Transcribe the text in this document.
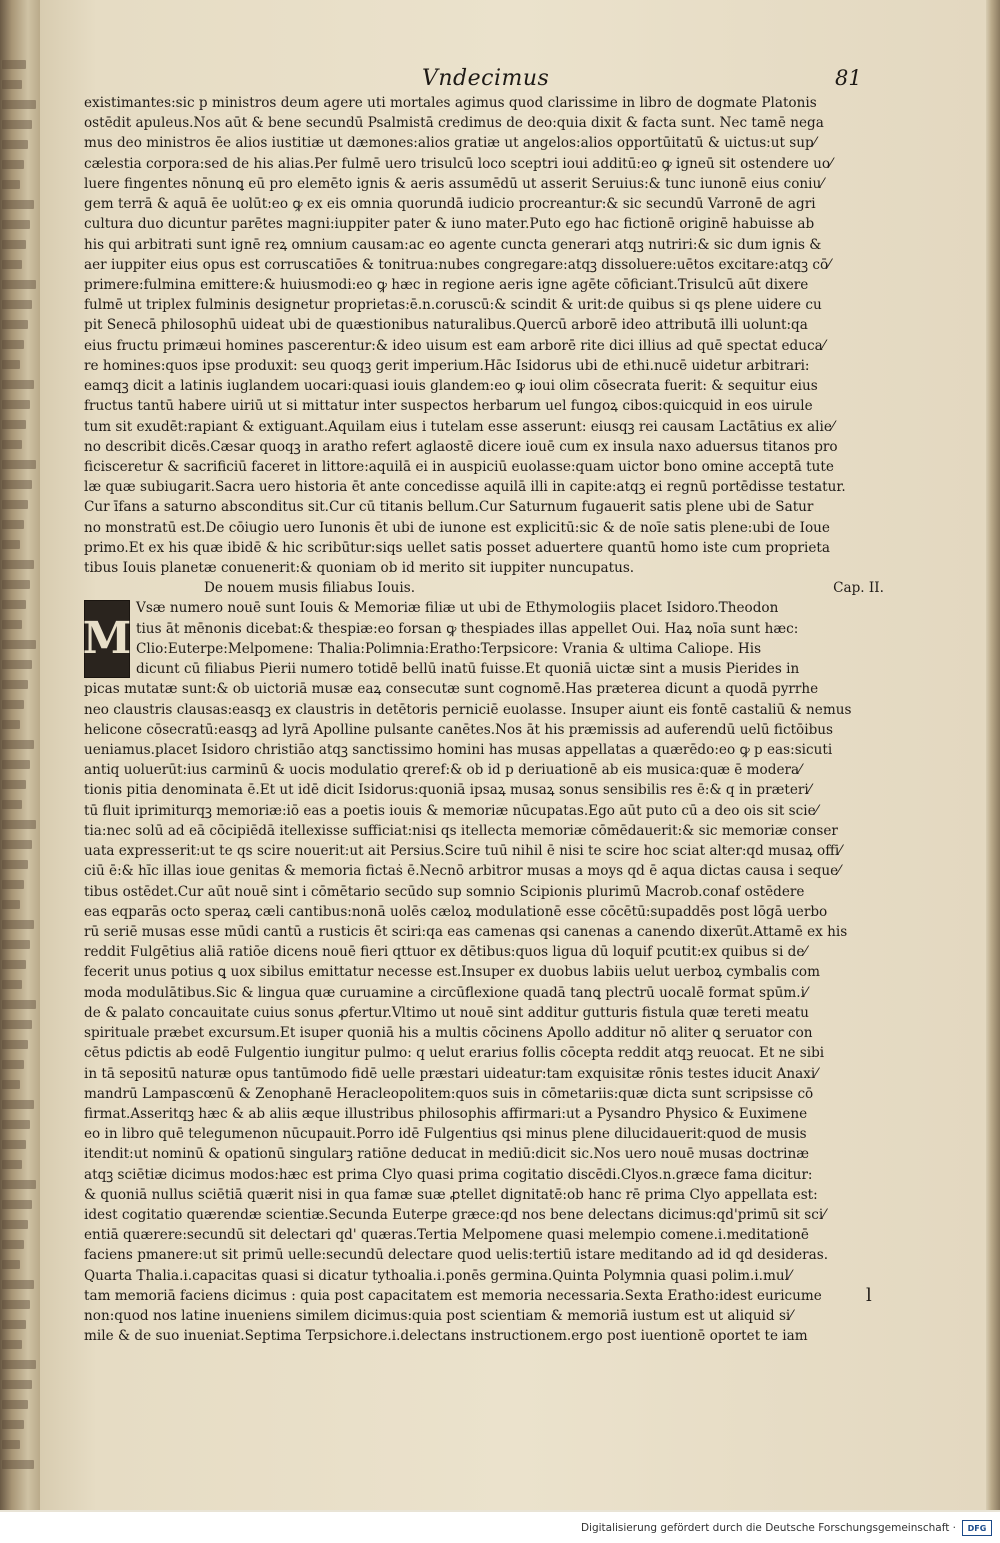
Vndecimus	81
existimantes:sic p ministros deum agere uti mortales agimus quod clarissime in libro de dogmate Platonis
ostēdit apuleus.Nos aūt & bene secundū Psalmistā credimus de deo:quia dixit & facta sunt. Nec tamē nega
mus deo ministros ēe alios iustitiæ ut dæmones:alios gratiæ ut angelos:alios opportūitatū & uictus:ut sup⁄
cælestia corpora:sed de his alias.Per fulmē uero trisulcū loco sceptri ioui additū:eo ꝙ igneū sit ostendere uo⁄
luere fingentes nōnunꝗ eū pro elemēto ignis & aeris assumēdū ut asserit Seruius:& tunc iunonē eius coniu⁄
gem terrā & aquā ēe uolūt:eo ꝙ ex eis omnia quorundā iudicio procreantur:& sic secundū Varronē de agri
cultura duo dicuntur parētes magni:iuppiter pater & iuno mater.Puto ego hac fictionē originē habuisse ab
his qui arbitrati sunt ignē reꝝ omnium causam:ac eo agente cuncta generari atqꝫ nutriri:& sic dum ignis &
aer iuppiter eius opus est corruscatiōes & tonitrua:nubes congregare:atqꝫ dissoluere:uētos excitare:atqꝫ cō⁄
primere:fulmina emittere:& huiusmodi:eo ꝙ hæc in regione aeris igne agēte cōficiant.Trisulcū aūt dixere
fulmē ut triplex fulminis designetur proprietas:ē.n.coruscū:& scindit & urit:de quibus si qs plene uidere cu
pit Senecā philosophū uideat ubi de quæstionibus naturalibus.Quercū arborē ideo attributā illi uolunt:qa
eius fructu primæui homines pascerentur:& ideo uisum est eam arborē rite dici illius ad quē spectat educa⁄
re homines:quos ipse produxit: seu quoqꝫ gerit imperium.Hāc Isidorus ubi de ethi.nucē uidetur arbitrari:
eamqꝫ dicit a latinis iuglandem uocari:quasi iouis glandem:eo ꝙ ioui olim cōsecrata fuerit: & sequitur eius
fructus tantū habere uiriū ut si mittatur inter suspectos herbarum uel fungoꝝ cibos:quicquid in eos uirule
tum sit exudēt:rapiant & extiguant.Aquilam eius i tutelam esse asserunt: eiusqꝫ rei causam Lactātius ex alie⁄
no describit dicēs.Cæsar quoqꝫ in aratho refert aglaostē dicere iouē cum ex insula naxo aduersus titanos pro
ficisceretur & sacrificiū faceret in littore:aquilā ei in auspiciū euolasse:quam uictor bono omine acceptā tute
læ quæ subiugarit.Sacra uero historia ēt ante concedisse aquilā illi in capite:atqꝫ ei regnū portēdisse testatur.
Cur īfans a saturno absconditus sit.Cur cū titanis bellum.Cur Saturnum fugauerit satis plene ubi de Satur
no monstratū est.De cōiugio uero Iunonis ēt ubi de iunone est explicitū:sic & de noīe satis plene:ubi de Ioue
primo.Et ex his quæ ibidē & hic scribūtur:siqs uellet satis posset aduertere quantū homo iste cum proprieta
tibus Iouis planetæ conuenerit:& quoniam ob id merito sit iuppiter nuncupatus.
De nouem musis filiabus Iouis.	Cap. II.
M
Vsæ numero nouē sunt Iouis & Memoriæ filiæ ut ubi de Ethymologiis placet Isidoro.Theodon
tius āt mēnonis dicebat:& thespiæ:eo forsan ꝙ thespiades illas appellet Oui. Haꝝ noīa sunt hæc:
Clio:Euterpe:Melpomene: Thalia:Polimnia:Eratho:Terpsicore: Vrania & ultima Caliope. His
dicunt cū filiabus Pierii numero totidē bellū inatū fuisse.Et quoniā uictæ sint a musis Pierides in
picas mutatæ sunt:& ob uictoriā musæ eaꝝ consecutæ sunt cognomē.Has præterea dicunt a quodā pyrrhe
neo claustris clausas:easqꝫ ex claustris in detētoris perniciē euolasse. Insuper aiunt eis fontē castaliū & nemus
helicone cōsecratū:easqꝫ ad lyrā Apolline pulsante canētes.Nos āt his præmissis ad auferendū uelū fictōibus
ueniamus.placet Isidoro christiāo atqꝫ sanctissimo homini has musas appellatas a quærēdo:eo ꝙ p eas:sicuti
antiq uoluerūt:ius carminū & uocis modulatio qreref:& ob id p deriuationē ab eis musica:quæ ē modera⁄
tionis pitia denominata ē.Et ut idē dicit Isidorus:quoniā ipsaꝝ musaꝝ sonus sensibilis res ē:& q in præteri⁄
tū fluit iprimiturqꝫ memoriæ:iō eas a poetis iouis & memoriæ nūcupatas.Ego aūt puto cū a deo ois sit scie⁄
tia:nec solū ad eā cōcipiēdā itellexisse sufficiat:nisi qs itellecta memoriæ cōmēdauerit:& sic memoriæ conser
uata expresserit:ut te qs scire nouerit:ut ait Persius.Scire tuū nihil ē nisi te scire hoc sciat alter:qd musaꝝ offi⁄
ciū ē:& hīc illas ioue genitas & memoria fictaṡ ē.Necnō arbitror musas a moys qd ē aqua dictas causa i seque⁄
tibus ostēdet.Cur aūt nouē sint i cōmētario secūdo sup somnio Scipionis plurimū Macrob.conaf ostēdere
eas eqparās octo speraꝝ cæli cantibus:nonā uolēs cæloꝝ modulationē esse cōcētū:supaddēs post lōgā uerbo
rū seriē musas esse mūdi cantū a rusticis ēt sciri:qa eas camenas qsi canenas a canendo dixerūt.Attamē ex his
reddit Fulgētius aliā ratiōe dicens nouē fieri qttuor ex dētibus:quos ligua dū loquif pcutit:ex quibus si de⁄
fecerit unus potius ꝗ uox sibilus emittatur necesse est.Insuper ex duobus labiis uelut uerboꝝ cymbalis com
moda modulātibus.Sic & lingua quæ curuamine a circūflexione quadā tanꝗ plectrū uocalē format spūm.i⁄
de & palato concauitate cuius sonus ꝓfertur.Vltimo ut nouē sint additur gutturis fistula quæ tereti meatu
spirituale præbet excursum.Et isuper quoniā his a multis cōcinens Apollo additur nō aliter ꝗ seruator con
cētus pdictis ab eodē Fulgentio iungitur pulmo: q uelut erarius follis cōcepta reddit atqꝫ reuocat. Et ne sibi
in tā sepositū naturæ opus tantūmodo fidē uelle præstari uideatur:tam exquisitæ rōnis testes iducit Anaxi⁄
mandrū Lampascœnū & Zenophanē Heracleopolitem:quos suis in cōmetariis:quæ dicta sunt scripsisse cō
firmat.Asseritqꝫ hæc & ab aliis æque illustribus philosophis affirmari:ut a Pysandro Physico & Euximene
eo in libro quē telegumenon nūcupauit.Porro idē Fulgentius qsi minus plene dilucidauerit:quod de musis
itendit:ut nominū & opationū singularꝫ ratiōne deducat in mediū:dicit sic.Nos uero nouē musas doctrinæ
atqꝫ sciētiæ dicimus modos:hæc est prima Clyo quasi prima cogitatio discēdi.Clyos.n.græce fama dicitur:
& quoniā nullus sciētiā quærit nisi in qua famæ suæ ꝓtellet dignitatē:ob hanc rē prima Clyo appellata est:
idest cogitatio quærendæ scientiæ.Secunda Euterpe græce:qd nos bene delectans dicimus:qd'primū sit sci⁄
entiā quærere:secundū sit delectari qd' quæras.Tertia Melpomene quasi melempio comene.i.meditationē
faciens pmanere:ut sit primū uelle:secundū delectare quod uelis:tertiū istare meditando ad id qd desideras.
Quarta Thalia.i.capacitas quasi si dicatur tythoalia.i.ponēs germina.Quinta Polymnia quasi polim.i.mul⁄
tam memoriā faciens dicimus : quia post capacitatem est memoria necessaria.Sexta Eratho:idest euricume
non:quod nos latine inueniens similem dicimus:quia post scientiam & memoriā iustum est ut aliquid si⁄
mile & de suo inueniat.Septima Terpsichore.i.delectans instructionem.ergo post iuentionē oportet te iam
l
Digitalisierung gefördert durch die Deutsche Forschungsgemeinschaft · DFG
